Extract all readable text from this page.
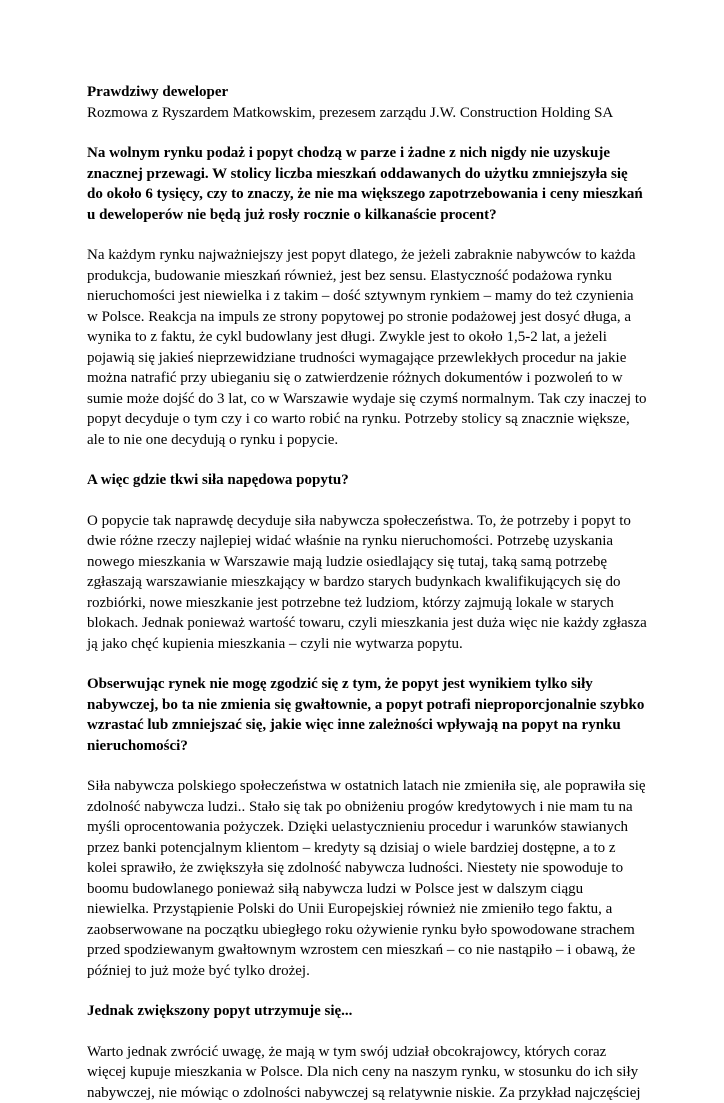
Prawdziwy deweloper

Rozmowa z Ryszardem Matkowskim, prezesem zarządu J.W. Construction Holding SA

Na wolnym rynku podaż i popyt chodzą w parze i żadne z nich nigdy nie uzyskuje znacznej przewagi. W stolicy liczba mieszkań oddawanych do użytku zmniejszyła się do około 6 tysięcy, czy to znaczy, że nie ma większego zapotrzebowania i ceny mieszkań u deweloperów nie będą już rosły rocznie o kilkanaście procent?

Na każdym rynku najważniejszy jest popyt dlatego, że jeżeli zabraknie nabywców to każda produkcja, budowanie mieszkań również, jest bez sensu. Elastyczność podażowa rynku nieruchomości jest niewielka i z takim – dość sztywnym rynkiem – mamy do też czynienia w Polsce. Reakcja na impuls ze strony popytowej po stronie podażowej jest dosyć długa, a wynika to z faktu, że cykl budowlany jest długi. Zwykle jest to około 1,5-2 lat, a jeżeli pojawią się jakieś nieprzewidziane trudności wymagające przewlekłych procedur na jakie można natrafić przy ubieganiu się o zatwierdzenie różnych dokumentów i pozwoleń to w sumie może dojść do 3 lat, co w Warszawie wydaje się czymś normalnym. Tak czy inaczej to popyt decyduje o tym czy i co warto robić na rynku. Potrzeby stolicy są znacznie większe, ale to nie one decydują o rynku i popycie.

A więc gdzie tkwi siła napędowa popytu?

O popycie tak naprawdę decyduje siła nabywcza społeczeństwa. To, że potrzeby i popyt to dwie różne rzeczy najlepiej widać właśnie na rynku nieruchomości. Potrzebę uzyskania nowego mieszkania w Warszawie mają ludzie osiedlający się tutaj, taką samą potrzebę zgłaszają warszawianie mieszkający w bardzo starych budynkach kwalifikujących się do rozbiórki, nowe mieszkanie jest potrzebne też ludziom, którzy zajmują lokale w starych blokach. Jednak ponieważ wartość towaru, czyli mieszkania jest duża więc nie każdy zgłasza ją jako chęć kupienia mieszkania – czyli nie wytwarza popytu.

Obserwując rynek nie mogę zgodzić się z tym, że popyt jest wynikiem tylko siły nabywczej, bo ta nie zmienia się gwałtownie, a popyt potrafi nieproporcjonalnie szybko wzrastać lub zmniejszać się, jakie więc inne zależności wpływają na popyt na rynku nieruchomości?

Siła nabywcza polskiego społeczeństwa w ostatnich latach nie zmieniła się, ale poprawiła się zdolność nabywcza ludzi.. Stało się tak po obniżeniu progów kredytowych i nie mam tu na myśli oprocentowania pożyczek. Dzięki uelastycznieniu procedur i warunków stawianych przez banki potencjalnym klientom – kredyty są dzisiaj o wiele bardziej dostępne, a to z kolei sprawiło, że zwiększyła się zdolność nabywcza ludności. Niestety nie spowoduje to boomu budowlanego ponieważ siłą nabywcza ludzi w Polsce jest w dalszym ciągu niewielka. Przystąpienie Polski do Unii Europejskiej również nie zmieniło tego faktu, a zaobserwowane na początku ubiegłego roku ożywienie rynku było spowodowane strachem przed spodziewanym gwałtownym wzrostem cen mieszkań – co nie nastąpiło – i obawą, że później to już może być tylko drożej.

Jednak zwiększony popyt utrzymuje się...

Warto jednak zwrócić uwagę, że mają w tym swój udział obcokrajowcy, których coraz więcej kupuje mieszkania w Polsce. Dla nich ceny na naszym rynku, w stosunku do ich siły nabywczej, nie mówiąc o zdolności nabywczej są relatywnie niskie. Za przykład najczęściej
